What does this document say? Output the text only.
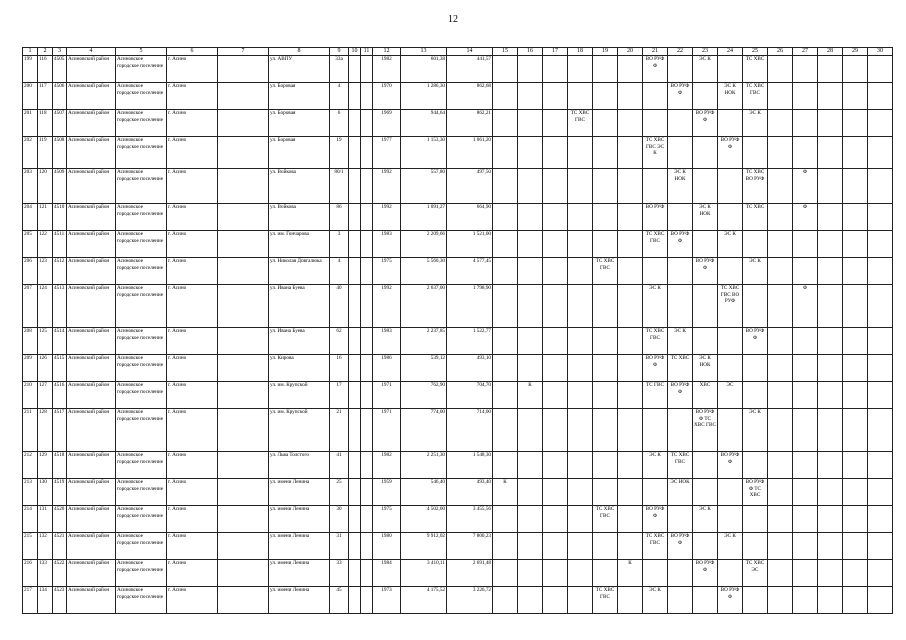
12
1	2	3	4	5	6	7	8	9	10	11	12	13	14	15	16	17	18	19	20	21	22	23	24	25	26	27	28	29	30
199	116	4505	Асиновский район	Асиновское городское поселение	г. Асино		ул. АВПУ	33а			1982	601,38	441,57							ВО РУФ Ф		ЭС К		ТС ХВС					
200	117	4506	Асиновский район	Асиновское городское поселение	г. Асино		ул. Боровая	4			1970	1 286,30	862,68								ВО РУФ Ф		ЭС К НОК	ТС ХВС ГВС					
201	118	4507	Асиновский район	Асиновское городское поселение	г. Асино		ул. Боровая	6			1969	944,64	862,21				ТС ХВС ГВС					ВО РУФ Ф		ЭС К					
202	119	4508	Асиновский район	Асиновское городское поселение	г. Асино		ул. Боровая	19			1977	1 153,30	1 061,20							ТС ХВС ГВС ЭС К			ВО РУФ Ф						
203	120	4509	Асиновский район	Асиновское городское поселение	г. Асино		ул. Войкова	80/1			1992	557,80	497,50								ЭС К НОК			ТС ХВС ВО РУФ		Ф			
204	121	4510	Асиновский район	Асиновское городское поселение	г. Асино		ул. Войкова	86			1992	1 091,27	664,90							ВО РУФ		ЭС К НОК		ТС ХВС		Ф			
205	122	4511	Асиновский район	Асиновское городское поселение	г. Асино		ул. им. Гончарова	3			1983	2 209,66	1 521,00							ТС ХВС ГВС	ВО РУФ Ф		ЭС К						
206	123	4512	Асиновский район	Асиновское городское поселение	г. Асино		ул. Николая Довгалюка	4			1975	5 560,30	4 577,45					ТС ХВС ГВС				ВО РУФ Ф		ЭС К					
207	124	4513	Асиновский район	Асиновское городское поселение	г. Асино		ул. Ивана Буева	40			1992	2 637,00	1 798,90							ЭС К			ТС ХВС ГВС ВО РУФ			Ф			
208	125	4514	Асиновский район	Асиновское городское поселение	г. Асино		ул. Ивана Буева	62			1983	2 237,85	1 522,77							ТС ХВС ГВС	ЭС К			ВО РУФ Ф					
209	126	4515	Асиновский район	Асиновское городское поселение	г. Асино		ул. Кирова	16			1986	539,12	493,10							ВО РУФ Ф	ТС ХВС	ЭС К НОК							
210	127	4516	Асиновский район	Асиновское городское поселение	г. Асино		ул. им. Крупской	17			1971	762,90	704,70		К					ТС ГВС	ВО РУФ Ф	ХВС	ЭС						
211	128	4517	Асиновский район	Асиновское городское поселение	г. Асино		ул. им. Крупской	21			1971	774,00	714,00									ВО РУФ Ф ТС ХВС ГВС		ЭС К					
212	129	4518	Асиновский район	Асиновское городское поселение	г. Асино		ул. Льва Толстого	41			1982	2 251,30	1 548,30							ЭС К	ТС ХВС ГВС		ВО РУФ Ф						
213	130	4519	Асиновский район	Асиновское городское поселение	г. Асино		ул. имени Ленина	25			1959	546,40	493,40	К							ЭС НОК			ВО РУФ Ф ТС ХВС					
214	131	4520	Асиновский район	Асиновское городское поселение	г. Асино		ул. имени Ленина	30			1975	4 502,00	3 455,56					ТС ХВС ГВС		ВО РУФ Ф		ЭС К							
215	132	4521	Асиновский район	Асиновское городское поселение	г. Асино		ул. имени Ленина	31			1980	9 912,02	7 800,23							ТС ХВС ГВС	ВО РУФ Ф		ЭС К						
216	133	4522	Асиновский район	Асиновское городское поселение	г. Асино		ул. имени Ленина	33			1984	3 410,11	2 691,48						К			ВО РУФ Ф		ТС ХВС ЭС					
217	134	4523	Асиновский район	Асиновское городское поселение	г. Асино		ул. имени Ленина	45			1973	4 175,52	3 226,72					ТС ХВС ГВС		ЭС К			ВО РУФ Ф						
